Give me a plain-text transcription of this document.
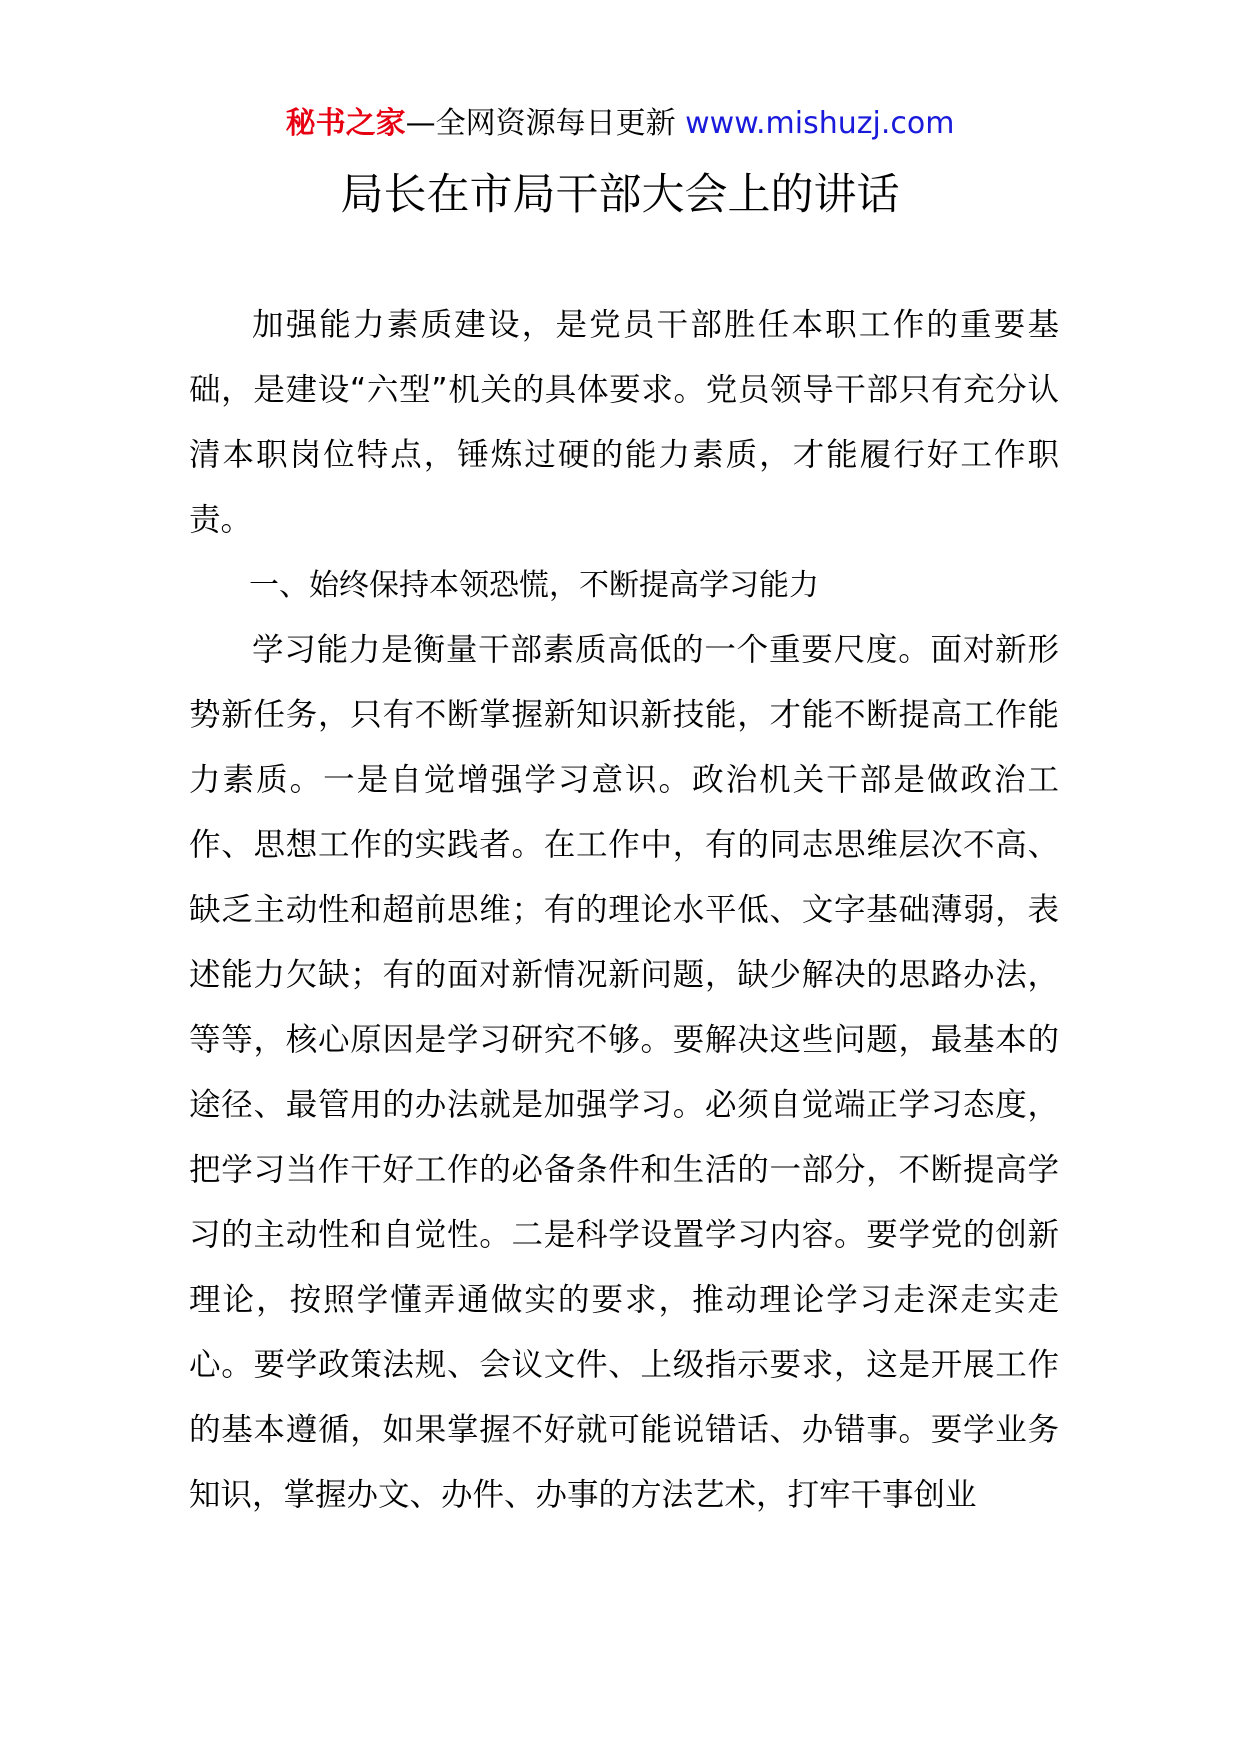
秘书之家—全网资源每日更新 www.mishuzj.com
局长在市局干部大会上的讲话

加强能力素质建设，是党员干部胜任本职工作的重要基础，是建设“六型”机关的具体要求。党员领导干部只有充分认清本职岗位特点，锤炼过硬的能力素质，才能履行好工作职责。

一、始终保持本领恐慌，不断提高学习能力

学习能力是衡量干部素质高低的一个重要尺度。面对新形势新任务，只有不断掌握新知识新技能，才能不断提高工作能力素质。一是自觉增强学习意识。政治机关干部是做政治工作、思想工作的实践者。在工作中，有的同志思维层次不高、缺乏主动性和超前思维；有的理论水平低、文字基础薄弱，表述能力欠缺；有的面对新情况新问题，缺少解决的思路办法，等等，核心原因是学习研究不够。要解决这些问题，最基本的途径、最管用的办法就是加强学习。必须自觉端正学习态度，把学习当作干好工作的必备条件和生活的一部分，不断提高学习的主动性和自觉性。二是科学设置学习内容。要学党的创新理论，按照学懂弄通做实的要求，推动理论学习走深走实走心。要学政策法规、会议文件、上级指示要求，这是开展工作的基本遵循，如果掌握不好就可能说错话、办错事。要学业务知识，掌握办文、办件、办事的方法艺术，打牢干事创业
